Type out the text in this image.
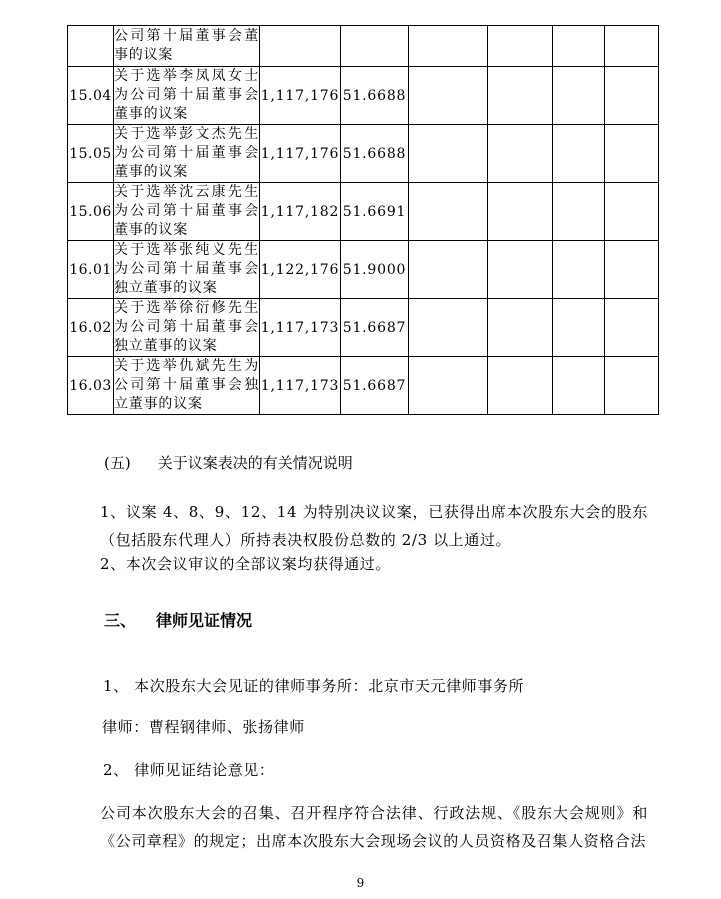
	公司第十届董事会董事的议案						
15.04	关于选举李凤凤女士为公司第十届董事会董事的议案	1,117,176	51.6688				
15.05	关于选举彭文杰先生为公司第十届董事会董事的议案	1,117,176	51.6688				
15.06	关于选举沈云康先生为公司第十届董事会董事的议案	1,117,182	51.6691				
16.01	关于选举张纯义先生为公司第十届董事会独立董事的议案	1,122,176	51.9000				
16.02	关于选举徐衍修先生为公司第十届董事会独立董事的议案	1,117,173	51.6687				
16.03	关于选举仇斌先生为公司第十届董事会独立董事的议案	1,117,173	51.6687				
(五) 关于议案表决的有关情况说明
1、议案 4、8、9、12、14 为特别决议议案，已获得出席本次股东大会的股东（包括股东代理人）所持表决权股份总数的 2/3 以上通过。
2、本次会议审议的全部议案均获得通过。
三、 律师见证情况
1、 本次股东大会见证的律师事务所：北京市天元律师事务所
律师：曹程钢律师、张扬律师
2、 律师见证结论意见：
公司本次股东大会的召集、召开程序符合法律、行政法规、《股东大会规则》和《公司章程》的规定；出席本次股东大会现场会议的人员资格及召集人资格合法
9
